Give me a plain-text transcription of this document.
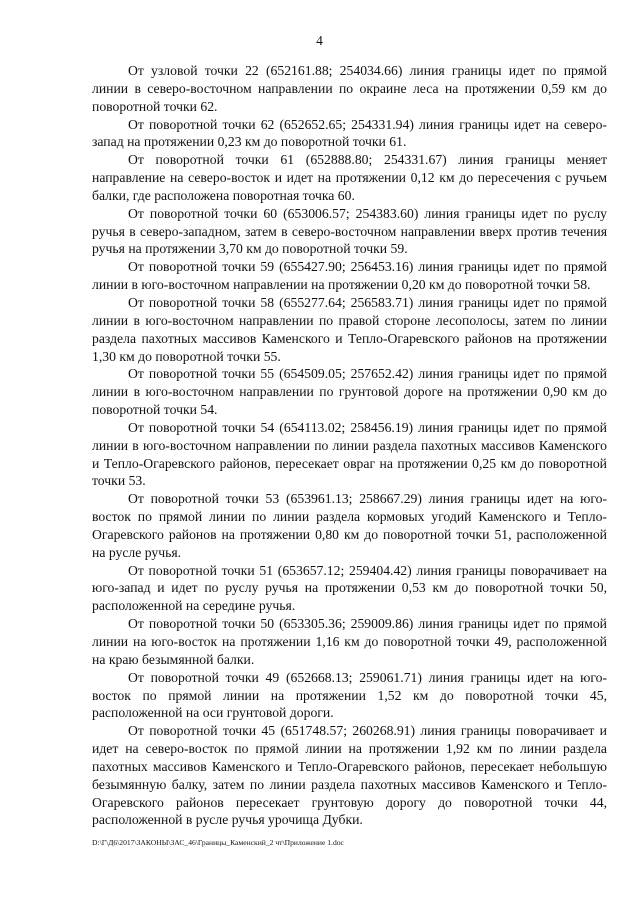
4

От узловой точки 22 (652161.88; 254034.66) линия границы идет по прямой линии в северо-восточном направлении по окраине леса на протяжении 0,59 км до поворотной точки 62.

От поворотной точки 62 (652652.65; 254331.94) линия границы идет на северо-запад на протяжении 0,23 км до поворотной точки 61.

От поворотной точки 61 (652888.80; 254331.67) линия границы меняет направление на северо-восток и идет на протяжении 0,12 км до пересечения с ручьем балки, где расположена поворотная точка 60.

От поворотной точки 60 (653006.57; 254383.60) линия границы идет по руслу ручья в северо-западном, затем в северо-восточном направлении вверх против течения ручья на протяжении 3,70 км до поворотной точки 59.

От поворотной точки 59 (655427.90; 256453.16) линия границы идет по прямой линии в юго-восточном направлении на протяжении 0,20 км до поворотной точки 58.

От поворотной точки 58 (655277.64; 256583.71) линия границы идет по прямой линии в юго-восточном направлении по правой стороне лесополосы, затем по линии раздела пахотных массивов Каменского и Тепло-Огаревского районов на протяжении 1,30 км до поворотной точки 55.

От поворотной точки 55 (654509.05; 257652.42) линия границы идет по прямой линии в юго-восточном направлении по грунтовой дороге на протяжении 0,90 км до поворотной точки 54.

От поворотной точки 54 (654113.02; 258456.19) линия границы идет по прямой линии в юго-восточном направлении по линии раздела пахотных массивов Каменского и Тепло-Огаревского районов, пересекает овраг на протяжении 0,25 км до поворотной точки 53.

От поворотной точки 53 (653961.13; 258667.29) линия границы идет на юго-восток по прямой линии по линии раздела кормовых угодий Каменского и Тепло-Огаревского районов на протяжении 0,80 км до поворотной точки 51, расположенной на русле ручья.

От поворотной точки 51 (653657.12; 259404.42) линия границы поворачивает на юго-запад и идет по руслу ручья на протяжении 0,53 км до поворотной точки 50, расположенной на середине ручья.

От поворотной точки 50 (653305.36; 259009.86) линия границы идет по прямой линии на юго-восток на протяжении 1,16 км до поворотной точки 49, расположенной на краю безымянной балки.

От поворотной точки 49 (652668.13; 259061.71) линия границы идет на юго-восток по прямой линии на протяжении 1,52 км до поворотной точки 45, расположенной на оси грунтовой дороги.

От поворотной точки 45 (651748.57; 260268.91) линия границы поворачивает и идет на северо-восток по прямой линии на протяжении 1,92 км по линии раздела пахотных массивов Каменского и Тепло-Огаревского районов, пересекает небольшую безымянную балку, затем по линии раздела пахотных массивов Каменского и Тепло-Огаревского районов пересекает грунтовую дорогу до поворотной точки 44, расположенной в русле ручья урочища Дубки.

D:\Г\Д6\2017\ЗАКОНЫ\ЗАС_46\Границы_Каменский_2 чт\Приложение 1.doc
